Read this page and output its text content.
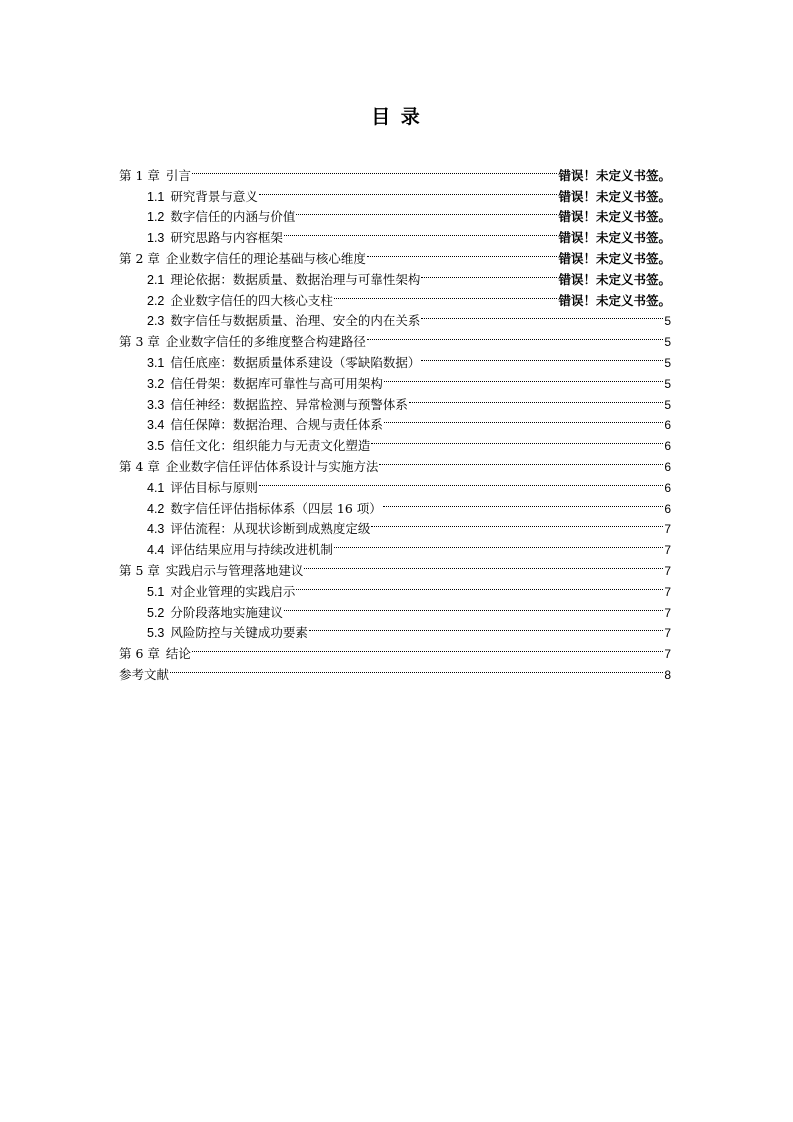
目 录
第 1 章 引言	错误！未定义书签。
1.1 研究背景与意义	错误！未定义书签。
1.2 数字信任的内涵与价值	错误！未定义书签。
1.3 研究思路与内容框架	错误！未定义书签。
第 2 章 企业数字信任的理论基础与核心维度	错误！未定义书签。
2.1 理论依据：数据质量、数据治理与可靠性架构	错误！未定义书签。
2.2 企业数字信任的四大核心支柱	错误！未定义书签。
2.3 数字信任与数据质量、治理、安全的内在关系	5
第 3 章 企业数字信任的多维度整合构建路径	5
3.1 信任底座：数据质量体系建设（零缺陷数据）	5
3.2 信任骨架：数据库可靠性与高可用架构	5
3.3 信任神经：数据监控、异常检测与预警体系	5
3.4 信任保障：数据治理、合规与责任体系	6
3.5 信任文化：组织能力与无责文化塑造	6
第 4 章 企业数字信任评估体系设计与实施方法	6
4.1 评估目标与原则	6
4.2 数字信任评估指标体系（四层 16 项）	6
4.3 评估流程：从现状诊断到成熟度定级	7
4.4 评估结果应用与持续改进机制	7
第 5 章 实践启示与管理落地建议	7
5.1 对企业管理的实践启示	7
5.2 分阶段落地实施建议	7
5.3 风险防控与关键成功要素	7
第 6 章 结论	7
参考文献	8
